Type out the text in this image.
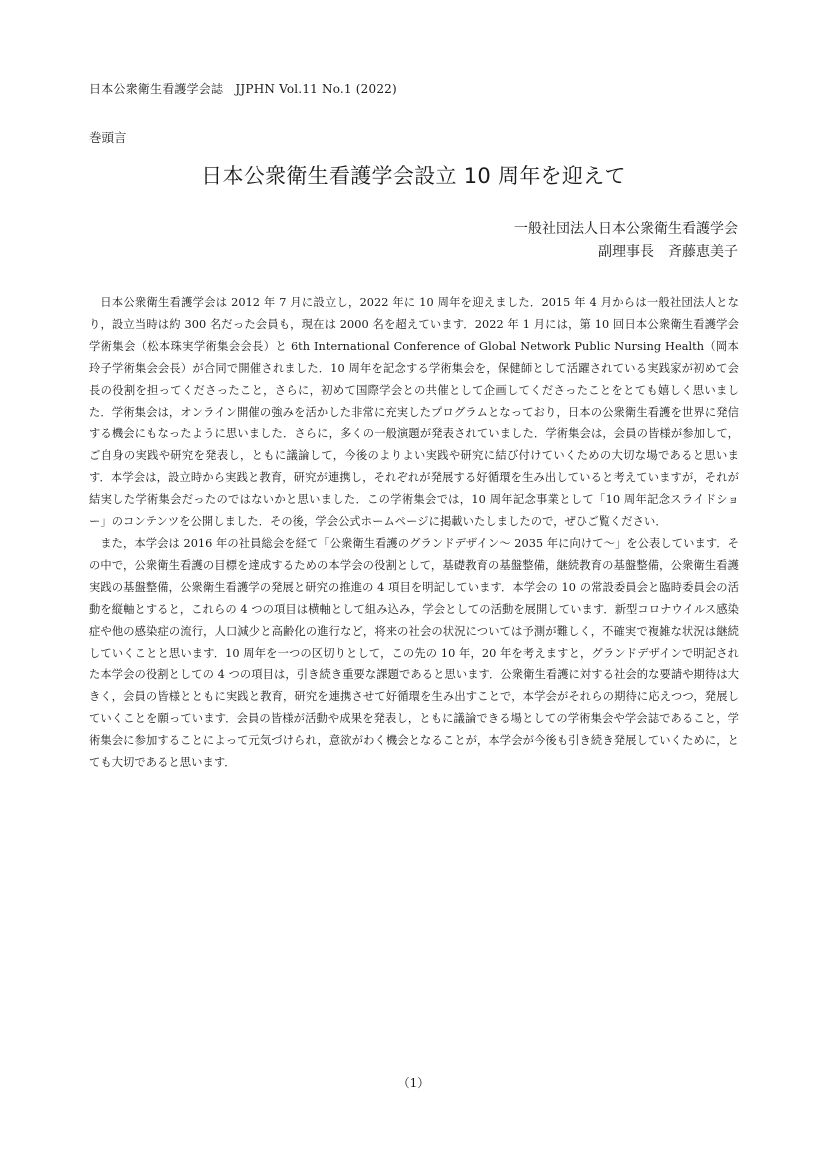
日本公衆衛生看護学会誌　JJPHN Vol.11 No.1 (2022)
巻頭言
日本公衆衛生看護学会設立 10 周年を迎えて
一般社団法人日本公衆衛生看護学会
副理事長　斉藤恵美子

日本公衆衛生看護学会は 2012 年 7 月に設立し，2022 年に 10 周年を迎えました．2015 年 4 月からは一般社団法人となり，設立当時は約 300 名だった会員も，現在は 2000 名を超えています．2022 年 1 月には，第 10 回日本公衆衛生看護学会学術集会（松本珠実学術集会会長）と 6th International Conference of Global Network Public Nursing Health（岡本玲子学術集会会長）が合同で開催されました．10 周年を記念する学術集会を，保健師として活躍されている実践家が初めて会長の役割を担ってくださったこと，さらに，初めて国際学会との共催として企画してくださったことをとても嬉しく思いました．学術集会は，オンライン開催の強みを活かした非常に充実したプログラムとなっており，日本の公衆衛生看護を世界に発信する機会にもなったように思いました．さらに，多くの一般演題が発表されていました．学術集会は，会員の皆様が参加して，ご自身の実践や研究を発表し，ともに議論して，今後のよりよい実践や研究に結び付けていくための大切な場であると思います．本学会は，設立時から実践と教育，研究が連携し，それぞれが発展する好循環を生み出していると考えていますが，それが結実した学術集会だったのではないかと思いました．この学術集会では，10 周年記念事業として「10 周年記念スライドショー」のコンテンツを公開しました．その後，学会公式ホームページに掲載いたしましたので，ぜひご覧ください．

また，本学会は 2016 年の社員総会を経て「公衆衛生看護のグランドデザイン～ 2035 年に向けて～」を公表しています．その中で，公衆衛生看護の目標を達成するための本学会の役割として，基礎教育の基盤整備，継続教育の基盤整備，公衆衛生看護実践の基盤整備，公衆衛生看護学の発展と研究の推進の 4 項目を明記しています．本学会の 10 の常設委員会と臨時委員会の活動を縦軸とすると，これらの 4 つの項目は横軸として組み込み，学会としての活動を展開しています．新型コロナウイルス感染症や他の感染症の流行，人口減少と高齢化の進行など，将来の社会の状況については予測が難しく，不確実で複雑な状況は継続していくことと思います．10 周年を一つの区切りとして，この先の 10 年，20 年を考えますと，グランドデザインで明記された本学会の役割としての 4 つの項目は，引き続き重要な課題であると思います．公衆衛生看護に対する社会的な要請や期待は大きく，会員の皆様とともに実践と教育，研究を連携させて好循環を生み出すことで，本学会がそれらの期待に応えつつ，発展していくことを願っています．会員の皆様が活動や成果を発表し，ともに議論できる場としての学術集会や学会誌であること，学術集会に参加することによって元気づけられ，意欲がわく機会となることが，本学会が今後も引き続き発展していくために，とても大切であると思います．

（1）
